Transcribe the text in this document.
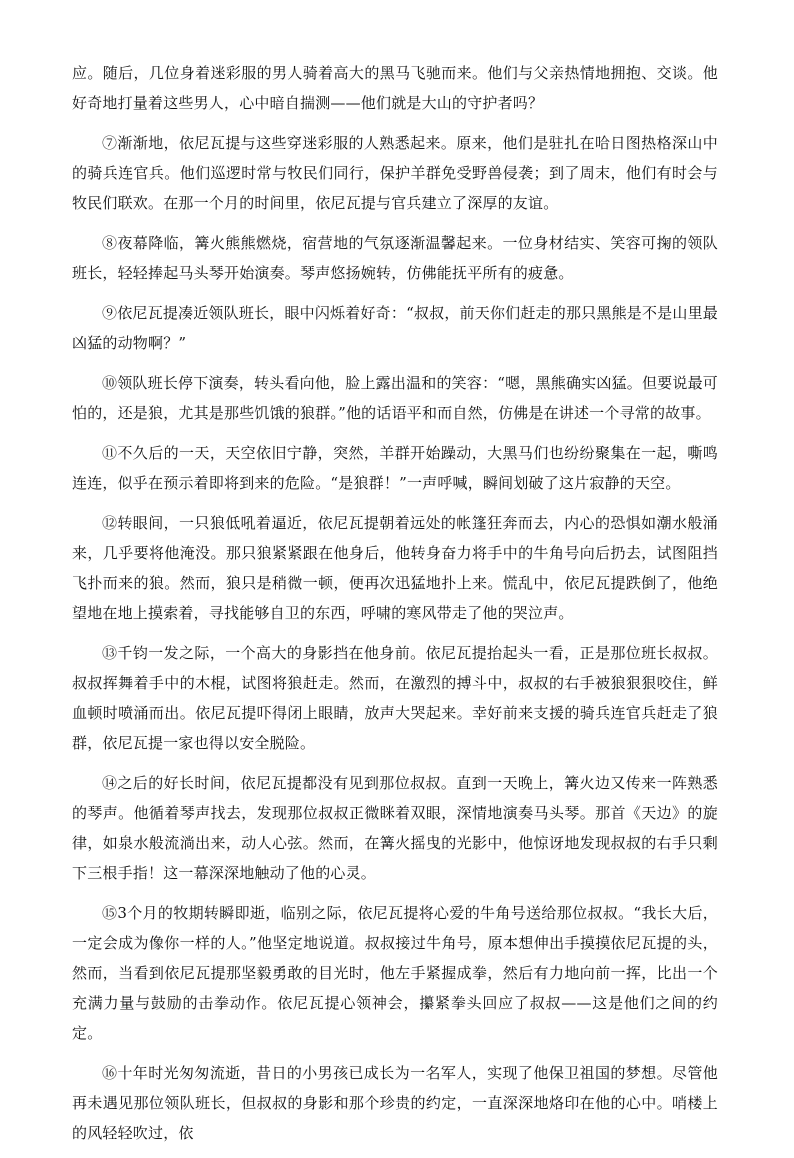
应。随后，几位身着迷彩服的男人骑着高大的黑马飞驰而来。他们与父亲热情地拥抱、交谈。他好奇地打量着这些男人，心中暗自揣测——他们就是大山的守护者吗？

⑦渐渐地，依尼瓦提与这些穿迷彩服的人熟悉起来。原来，他们是驻扎在哈日图热格深山中的骑兵连官兵。他们巡逻时常与牧民们同行，保护羊群免受野兽侵袭；到了周末，他们有时会与牧民们联欢。在那一个月的时间里，依尼瓦提与官兵建立了深厚的友谊。

⑧夜幕降临，篝火熊熊燃烧，宿营地的气氛逐渐温馨起来。一位身材结实、笑容可掬的领队班长，轻轻捧起马头琴开始演奏。琴声悠扬婉转，仿佛能抚平所有的疲惫。

⑨依尼瓦提凑近领队班长，眼中闪烁着好奇：“叔叔，前天你们赶走的那只黑熊是不是山里最凶猛的动物啊？”

⑩领队班长停下演奏，转头看向他，脸上露出温和的笑容：“嗯，黑熊确实凶猛。但要说最可怕的，还是狼，尤其是那些饥饿的狼群。”他的话语平和而自然，仿佛是在讲述一个寻常的故事。

⑪不久后的一天，天空依旧宁静，突然，羊群开始躁动，大黑马们也纷纷聚集在一起，嘶鸣连连，似乎在预示着即将到来的危险。“是狼群！”一声呼喊，瞬间划破了这片寂静的天空。

⑫转眼间，一只狼低吼着逼近，依尼瓦提朝着远处的帐篷狂奔而去，内心的恐惧如潮水般涌来，几乎要将他淹没。那只狼紧紧跟在他身后，他转身奋力将手中的牛角号向后扔去，试图阻挡飞扑而来的狼。然而，狼只是稍微一顿，便再次迅猛地扑上来。慌乱中，依尼瓦提跌倒了，他绝望地在地上摸索着，寻找能够自卫的东西，呼啸的寒风带走了他的哭泣声。

⑬千钧一发之际，一个高大的身影挡在他身前。依尼瓦提抬起头一看，正是那位班长叔叔。叔叔挥舞着手中的木棍，试图将狼赶走。然而，在激烈的搏斗中，叔叔的右手被狼狠狠咬住，鲜血顿时喷涌而出。依尼瓦提吓得闭上眼睛，放声大哭起来。幸好前来支援的骑兵连官兵赶走了狼群，依尼瓦提一家也得以安全脱险。

⑭之后的好长时间，依尼瓦提都没有见到那位叔叔。直到一天晚上，篝火边又传来一阵熟悉的琴声。他循着琴声找去，发现那位叔叔正微眯着双眼，深情地演奏马头琴。那首《天边》的旋律，如泉水般流淌出来，动人心弦。然而，在篝火摇曳的光影中，他惊讶地发现叔叔的右手只剩下三根手指！这一幕深深地触动了他的心灵。

⑮3个月的牧期转瞬即逝，临别之际，依尼瓦提将心爱的牛角号送给那位叔叔。“我长大后，一定会成为像你一样的人。”他坚定地说道。叔叔接过牛角号，原本想伸出手摸摸依尼瓦提的头，然而，当看到依尼瓦提那坚毅勇敢的目光时，他左手紧握成拳，然后有力地向前一挥，比出一个充满力量与鼓励的击拳动作。依尼瓦提心领神会，攥紧拳头回应了叔叔——这是他们之间的约定。

⑯十年时光匆匆流逝，昔日的小男孩已成长为一名军人，实现了他保卫祖国的梦想。尽管他再未遇见那位领队班长，但叔叔的身影和那个珍贵的约定，一直深深地烙印在他的心中。哨楼上的风轻轻吹过，依
